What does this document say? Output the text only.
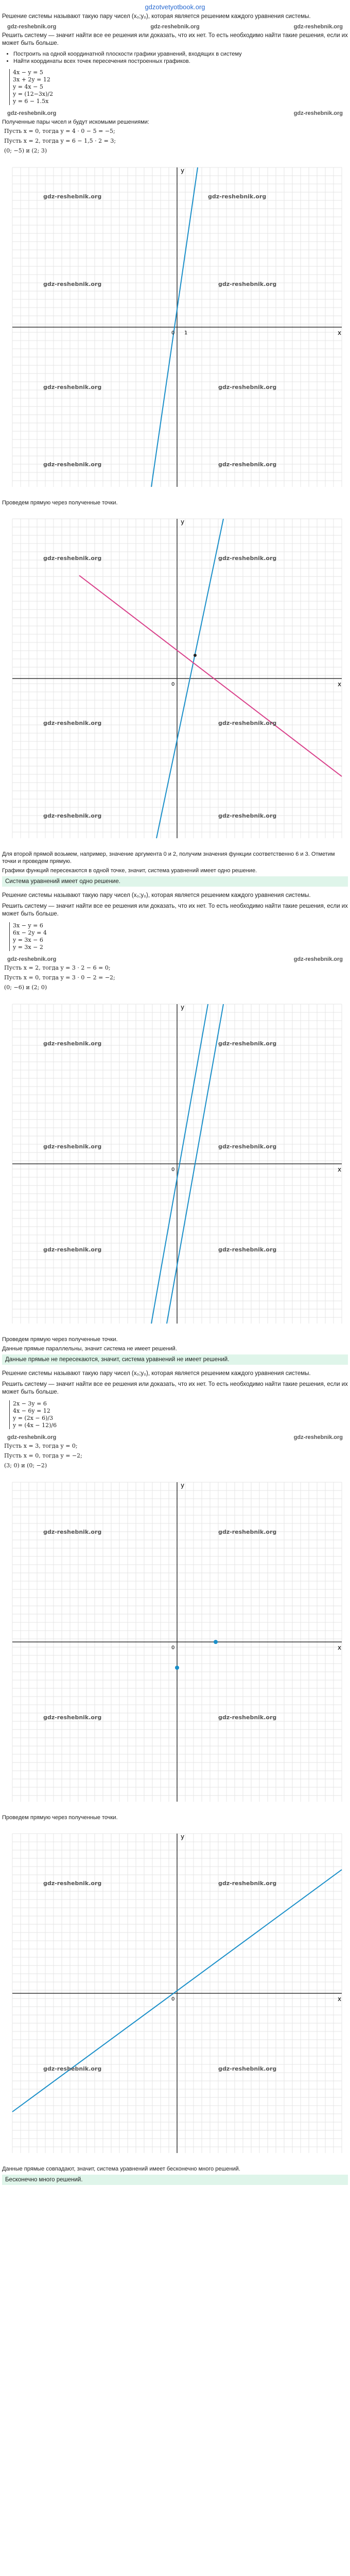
gdzotvetyotbook.org

Решение системы называют такую пару чисел (x₀;y₀), которая является решением каждого уравнения системы.

gdz-reshebnik.org	gdz-reshebnik.org	gdz-reshebnik.org

Решить систему — значит найти все ее решения или доказать, что их нет. То есть необходимо найти такие решения, если их может быть больше.

• Построить на одной координатной плоскости графики уравнений, входящих в систему
• Найти координаты всех точек пересечения построенных графиков.
4x − y = 5
3x + 2y = 12
y = 4x − 5
y = (12−3x)/2
y = 6 − 1.5x
gdz-reshebnik.org	gdz-reshebnik.org

Полученные пары чисел и будут искомыми решениями:

Пусть x = 0, тогда y = 4 · 0 − 5 = −5;
Пусть x = 2, тогда y = 6 − 1,5 · 2 = 3;
(0; −5) и (2; 3)
x
y
0 1
gdz-reshebnik.org	gdz-reshebnik.org
gdz-reshebnik.org	gdz-reshebnik.org
gdz-reshebnik.org	gdz-reshebnik.org
gdz-reshebnik.org	gdz-reshebnik.org

Проведем прямую через полученные точки.

x
y
0
gdz-reshebnik.org	gdz-reshebnik.org
gdz-reshebnik.org	gdz-reshebnik.org
gdz-reshebnik.org	gdz-reshebnik.org

Для второй прямой возьмем, например, значение аргумента 0 и 2, получим значения функции соответственно 6 и 3. Отметим точки и проведем прямую.

Графики функций пересекаются в одной точке, значит, система уравнений имеет одно решение.

Система уравнений имеет одно решение.

Решение системы называют такую пару чисел (x₀;y₀), которая является решением каждого уравнения системы.

Решить систему — значит найти все ее решения или доказать, что их нет. То есть необходимо найти такие решения, если их может быть больше.

3x − y = 6
6x − 2y = 4
y = 3x − 6
y = 3x − 2
gdz-reshebnik.org	gdz-reshebnik.org
Пусть x = 2, тогда y = 3 · 2 − 6 = 0;
Пусть x = 0, тогда y = 3 · 0 − 2 = −2;
(0; −6) и (2; 0)
x
y
0
gdz-reshebnik.org	gdz-reshebnik.org
gdz-reshebnik.org	gdz-reshebnik.org
gdz-reshebnik.org	gdz-reshebnik.org

Проведем прямую через полученные точки.

Данные прямые параллельны, значит система не имеет решений.

Данные прямые не пересекаются, значит, система уравнений не имеет решений.

Решение системы называют такую пару чисел (x₀;y₀), которая является решением каждого уравнения системы.

Решить систему — значит найти все ее решения или доказать, что их нет. То есть необходимо найти такие решения, если их может быть больше.

2x − 3y = 6
4x − 6y = 12
y = (2x − 6)/3
y = (4x − 12)/6
gdz-reshebnik.org	gdz-reshebnik.org
Пусть x = 3, тогда y = 0;
Пусть x = 0, тогда y = −2;
(3; 0) и (0; −2)
x
y
0
gdz-reshebnik.org	gdz-reshebnik.org
gdz-reshebnik.org	gdz-reshebnik.org

Проведем прямую через полученные точки.

x
y
0
gdz-reshebnik.org	gdz-reshebnik.org
gdz-reshebnik.org	gdz-reshebnik.org

Данные прямые совпадают, значит, система уравнений имеет бесконечно много решений.

Бесконечно много решений.
